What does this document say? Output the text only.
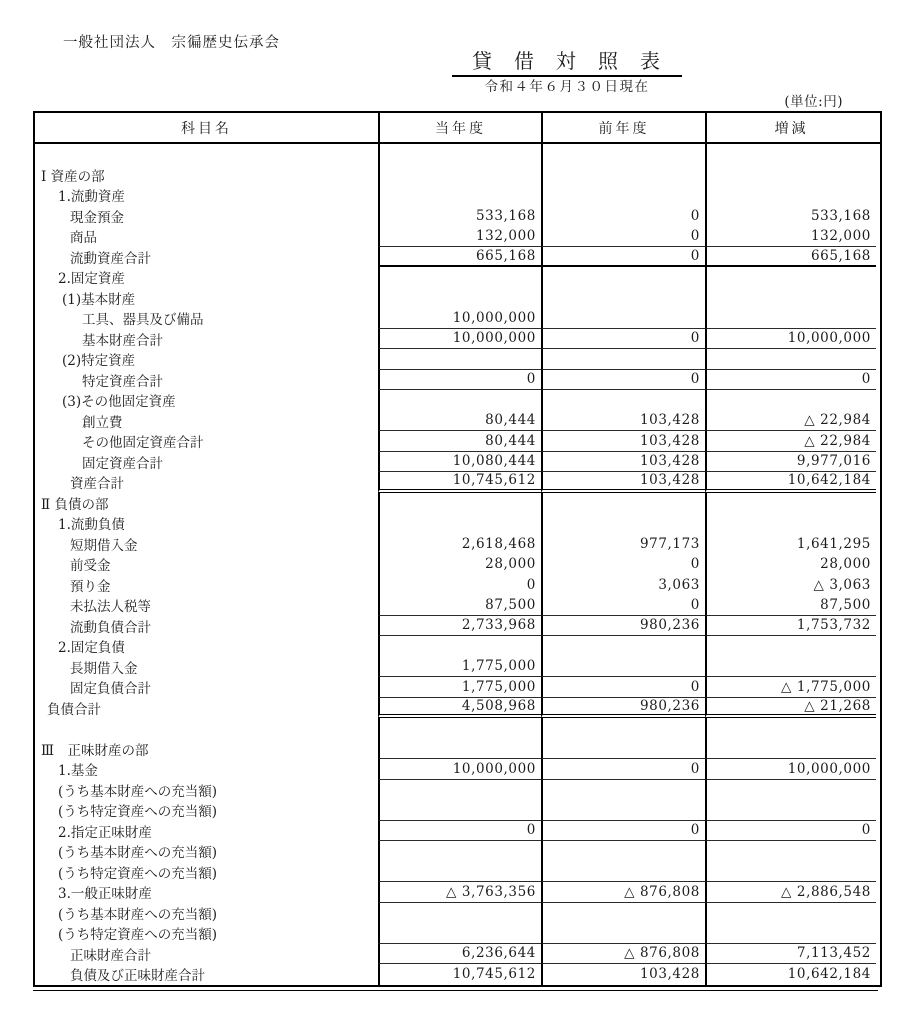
一般社団法人　宗徧歴史伝承会
貸借対照表
令和４年６月３０日現在
(単位:円)
科目名	当年度	前年度	増減
Ⅰ 資産の部
1.流動資産
現金預金	533,168	0	533,168
商品	132,000	0	132,000
流動資産合計	665,168	0	665,168
2.固定資産
(1)基本財産
工具、器具及び備品	10,000,000
基本財産合計	10,000,000	0	10,000,000
(2)特定資産
特定資産合計	0	0	0
(3)その他固定資産
創立費	80,444	103,428	△ 22,984
その他固定資産合計	80,444	103,428	△ 22,984
固定資産合計	10,080,444	103,428	9,977,016
資産合計	10,745,612	103,428	10,642,184
Ⅱ 負債の部
1.流動負債
短期借入金	2,618,468	977,173	1,641,295
前受金	28,000	0	28,000
預り金	0	3,063	△ 3,063
未払法人税等	87,500	0	87,500
流動負債合計	2,733,968	980,236	1,753,732
2.固定負債
長期借入金	1,775,000
固定負債合計	1,775,000	0	△ 1,775,000
負債合計	4,508,968	980,236	△ 21,268
Ⅲ　正味財産の部
1.基金	10,000,000	0	10,000,000
(うち基本財産への充当額)
(うち特定資産への充当額)
2.指定正味財産	0	0	0
(うち基本財産への充当額)
(うち特定資産への充当額)
3.一般正味財産	△ 3,763,356	△ 876,808	△ 2,886,548
(うち基本財産への充当額)
(うち特定資産への充当額)
正味財産合計	6,236,644	△ 876,808	7,113,452
負債及び正味財産合計	10,745,612	103,428	10,642,184
